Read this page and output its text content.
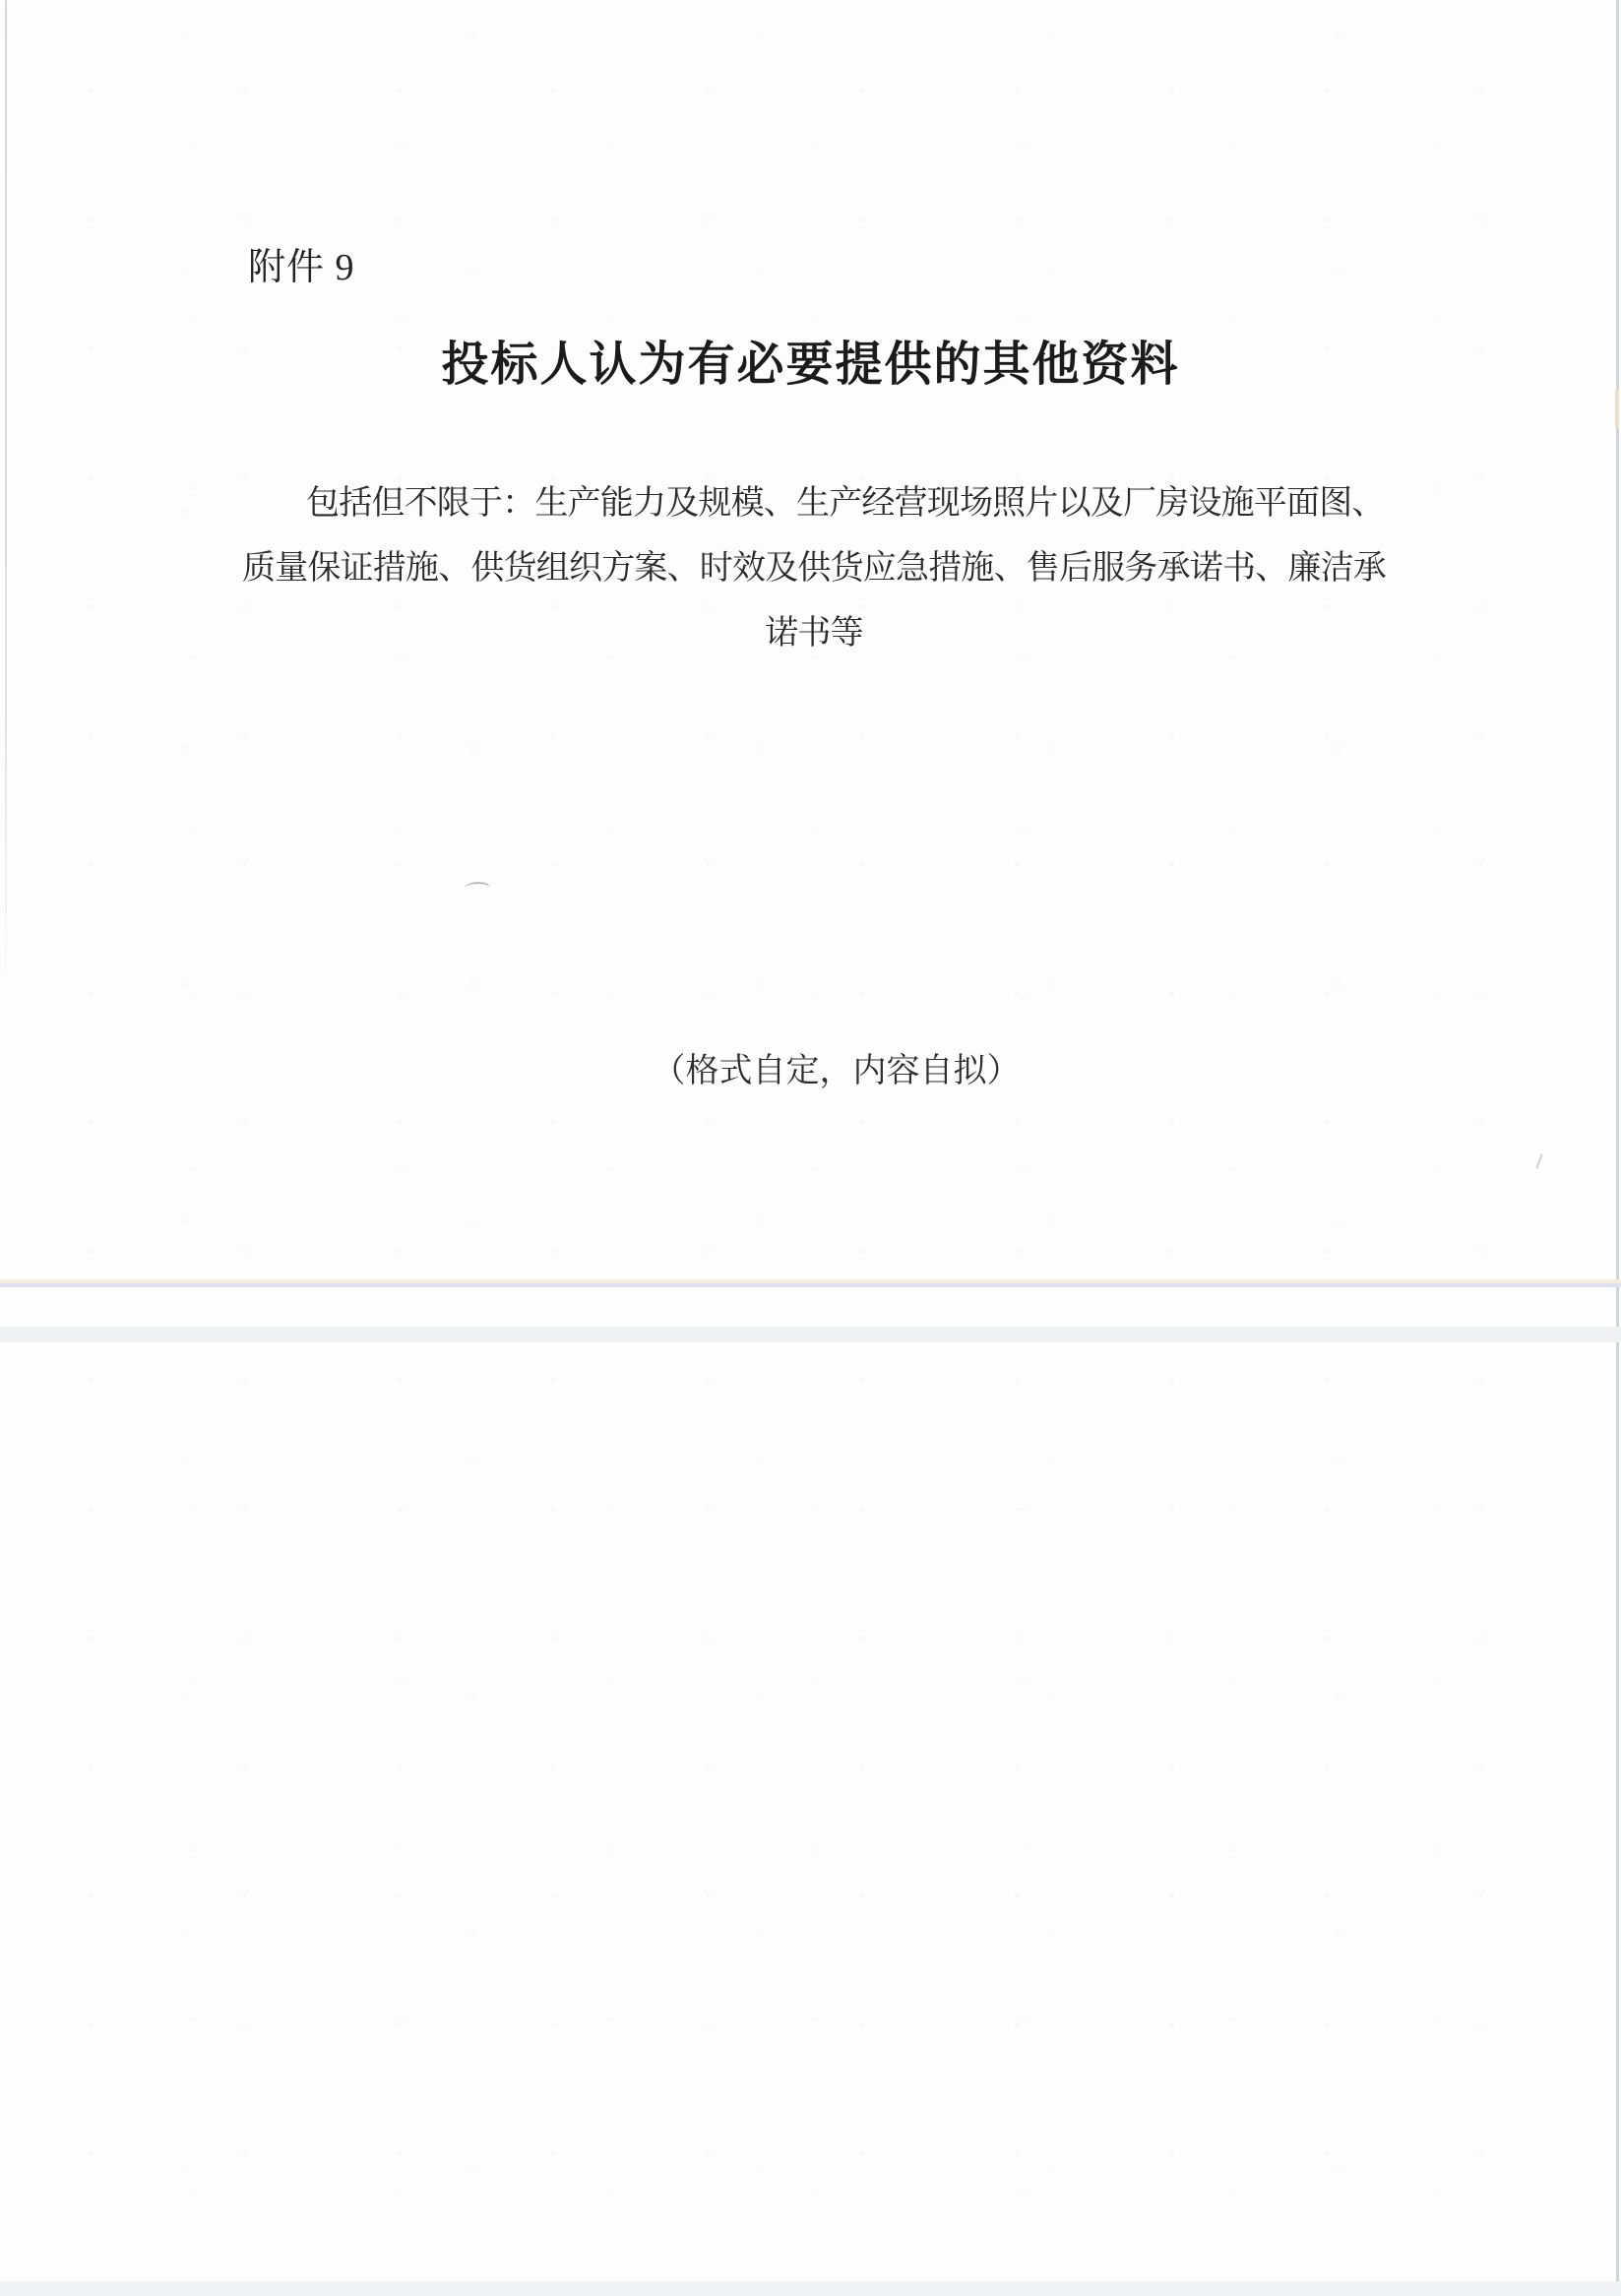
附件 9
投标人认为有必要提供的其他资料
包括但不限于：生产能力及规模、生产经营现场照片以及厂房设施平面图、
质量保证措施、供货组织方案、时效及供货应急措施、售后服务承诺书、廉洁承
诺书等
（格式自定，内容自拟）
